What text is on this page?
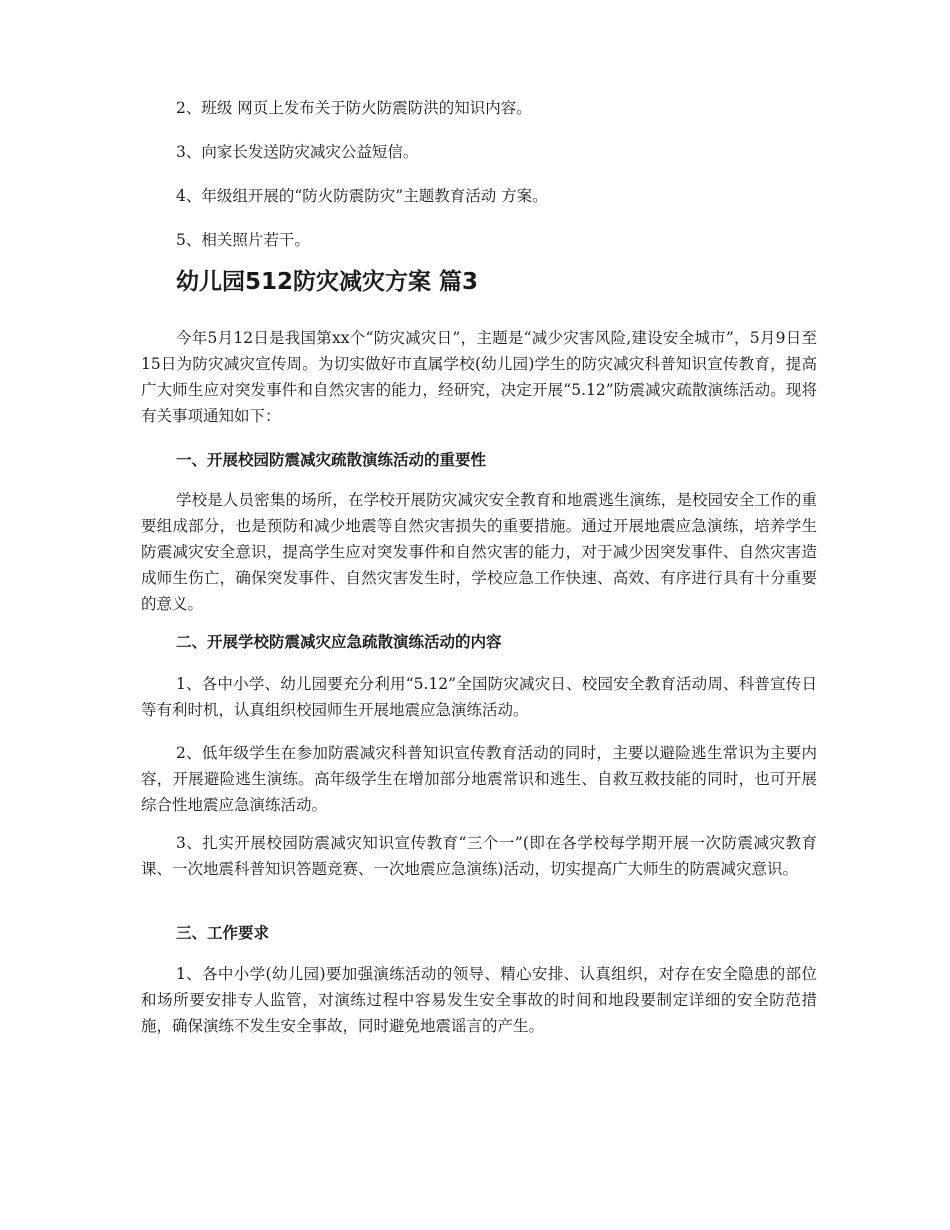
2、班级 网页上发布关于防火防震防洪的知识内容。
3、向家长发送防灾减灾公益短信。
4、年级组开展的“防火防震防灾”主题教育活动 方案。
5、相关照片若干。
幼儿园512防灾减灾方案 篇3
今年5月12日是我国第xx个“防灾减灾日”，主题是“减少灾害风险,建设安全城市”，5月9日至15日为防灾减灾宣传周。为切实做好市直属学校(幼儿园)学生的防灾减灾科普知识宣传教育，提高广大师生应对突发事件和自然灾害的能力，经研究，决定开展“5.12”防震减灾疏散演练活动。现将有关事项通知如下：
一、开展校园防震减灾疏散演练活动的重要性
学校是人员密集的场所，在学校开展防灾减灾安全教育和地震逃生演练，是校园安全工作的重要组成部分，也是预防和减少地震等自然灾害损失的重要措施。通过开展地震应急演练，培养学生防震减灾安全意识，提高学生应对突发事件和自然灾害的能力，对于减少因突发事件、自然灾害造成师生伤亡，确保突发事件、自然灾害发生时，学校应急工作快速、高效、有序进行具有十分重要的意义。
二、开展学校防震减灾应急疏散演练活动的内容
1、各中小学、幼儿园要充分利用“5.12”全国防灾减灾日、校园安全教育活动周、科普宣传日等有利时机，认真组织校园师生开展地震应急演练活动。
2、低年级学生在参加防震减灾科普知识宣传教育活动的同时，主要以避险逃生常识为主要内容，开展避险逃生演练。高年级学生在增加部分地震常识和逃生、自救互救技能的同时，也可开展综合性地震应急演练活动。
3、扎实开展校园防震减灾知识宣传教育“三个一”(即在各学校每学期开展一次防震减灾教育课、一次地震科普知识答题竞赛、一次地震应急演练)活动，切实提高广大师生的防震减灾意识。
三、工作要求
1、各中小学(幼儿园)要加强演练活动的领导、精心安排、认真组织，对存在安全隐患的部位和场所要安排专人监管，对演练过程中容易发生安全事故的时间和地段要制定详细的安全防范措施，确保演练不发生安全事故，同时避免地震谣言的产生。
